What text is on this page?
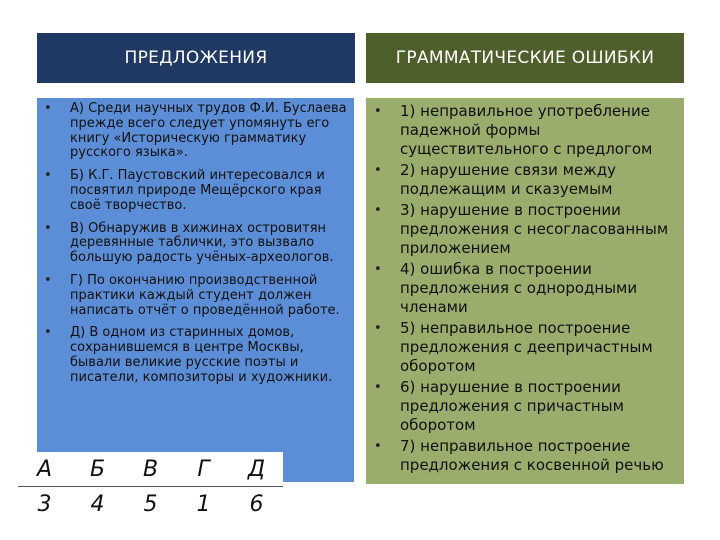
ПРЕДЛОЖЕНИЯ	ГРАММАТИЧЕСКИЕ ОШИБКИ
• А) Среди научных трудов Ф.И. Буслаева прежде всего следует упомянуть его книгу «Историческую грамматику русского языка».
• Б) К.Г. Паустовский интересовался и посвятил природе Мещёрского края своё творчество.
• В) Обнаружив в хижинах островитян деревянные таблички, это вызвало большую радость учёных-археологов.
• Г) По окончанию производственной практики каждый студент должен написать отчёт о проведённой работе.
• Д) В одном из старинных домов, сохранившемся в центре Москвы, бывали великие русские поэты и писатели, композиторы и художники.
• 1) неправильное употребление падежной формы существительного с предлогом
• 2) нарушение связи между подлежащим и сказуемым
• 3) нарушение в построении предложения с несогласованным приложением
• 4) ошибка в построении предложения с однородными членами
• 5) неправильное построение предложения с деепричастным оборотом
• 6) нарушение в построении предложения с причастным оборотом
• 7) неправильное построение предложения с косвенной речью
А	Б	В	Г	Д
3	4	5	1	6
